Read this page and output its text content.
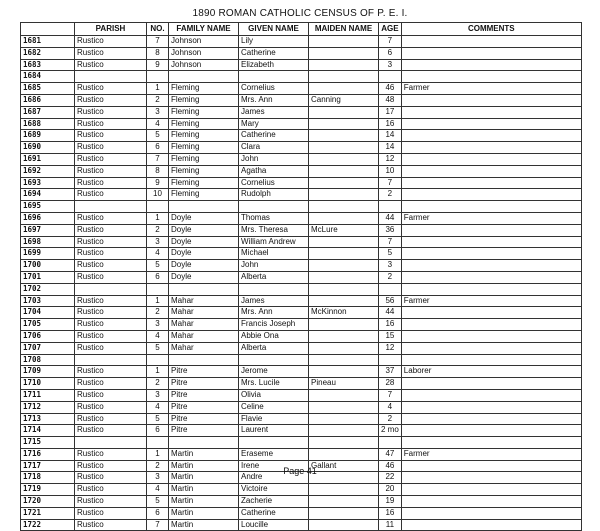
1890 ROMAN CATHOLIC CENSUS OF P. E. I.
	PARISH	NO.	FAMILY NAME	GIVEN NAME	MAIDEN NAME	AGE	COMMENTS
1681	Rustico	7	Johnson	Lily		7	
1682	Rustico	8	Johnson	Catherine		6	
1683	Rustico	9	Johnson	Elizabeth		3	
1684							
1685	Rustico	1	Fleming	Cornelius		46	Farmer
1686	Rustico	2	Fleming	Mrs. Ann	Canning	48	
1687	Rustico	3	Fleming	James		17	
1688	Rustico	4	Fleming	Mary		16	
1689	Rustico	5	Fleming	Catherine		14	
1690	Rustico	6	Fleming	Clara		14	
1691	Rustico	7	Fleming	John		12	
1692	Rustico	8	Fleming	Agatha		10	
1693	Rustico	9	Fleming	Cornelius		7	
1694	Rustico	10	Fleming	Rudolph		2	
1695							
1696	Rustico	1	Doyle	Thomas		44	Farmer
1697	Rustico	2	Doyle	Mrs. Theresa	McLure	36	
1698	Rustico	3	Doyle	William Andrew		7	
1699	Rustico	4	Doyle	Michael		5	
1700	Rustico	5	Doyle	John		3	
1701	Rustico	6	Doyle	Alberta		2	
1702							
1703	Rustico	1	Mahar	James		56	Farmer
1704	Rustico	2	Mahar	Mrs. Ann	McKinnon	44	
1705	Rustico	3	Mahar	Francis Joseph		16	
1706	Rustico	4	Mahar	Abbie Ona		15	
1707	Rustico	5	Mahar	Alberta		12	
1708							
1709	Rustico	1	Pitre	Jerome		37	Laborer
1710	Rustico	2	Pitre	Mrs. Lucile	Pineau	28	
1711	Rustico	3	Pitre	Olivia		7	
1712	Rustico	4	Pitre	Celine		4	
1713	Rustico	5	Pitre	Flavie		2	
1714	Rustico	6	Pitre	Laurent		2 mo	
1715							
1716	Rustico	1	Martin	Eraseme		47	Farmer
1717	Rustico	2	Martin	Irene	Gallant	46	
1718	Rustico	3	Martin	Andre		22	
1719	Rustico	4	Martin	Victoire		20	
1720	Rustico	5	Martin	Zacherie		19	
1721	Rustico	6	Martin	Catherine		16	
1722	Rustico	7	Martin	Loucille		11	
Page 41
